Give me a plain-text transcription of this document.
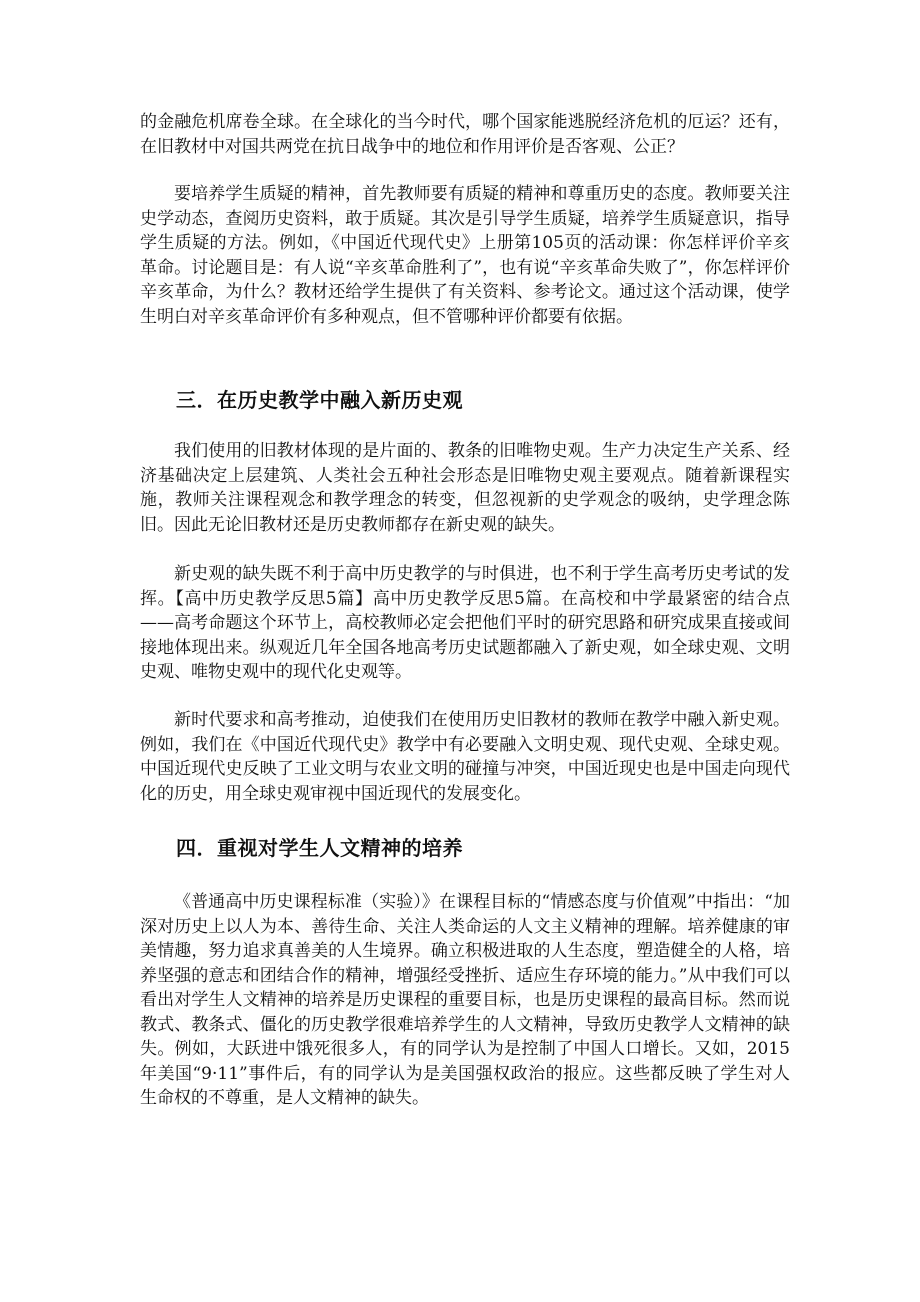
的金融危机席卷全球。在全球化的当今时代，哪个国家能逃脱经济危机的厄运？还有，在旧教材中对国共两党在抗日战争中的地位和作用评价是否客观、公正？

要培养学生质疑的精神，首先教师要有质疑的精神和尊重历史的态度。教师要关注史学动态，查阅历史资料，敢于质疑。其次是引导学生质疑，培养学生质疑意识，指导学生质疑的方法。例如，《中国近代现代史》上册第105页的活动课：你怎样评价辛亥革命。讨论题目是：有人说“辛亥革命胜利了”，也有说“辛亥革命失败了”，你怎样评价辛亥革命，为什么？教材还给学生提供了有关资料、参考论文。通过这个活动课，使学生明白对辛亥革命评价有多种观点，但不管哪种评价都要有依据。

三．在历史教学中融入新历史观

我们使用的旧教材体现的是片面的、教条的旧唯物史观。生产力决定生产关系、经济基础决定上层建筑、人类社会五种社会形态是旧唯物史观主要观点。随着新课程实施，教师关注课程观念和教学理念的转变，但忽视新的史学观念的吸纳，史学理念陈旧。因此无论旧教材还是历史教师都存在新史观的缺失。

新史观的缺失既不利于高中历史教学的与时俱进，也不利于学生高考历史考试的发挥。【高中历史教学反思5篇】高中历史教学反思5篇。在高校和中学最紧密的结合点——高考命题这个环节上，高校教师必定会把他们平时的研究思路和研究成果直接或间接地体现出来。纵观近几年全国各地高考历史试题都融入了新史观，如全球史观、文明史观、唯物史观中的现代化史观等。

新时代要求和高考推动，迫使我们在使用历史旧教材的教师在教学中融入新史观。例如，我们在《中国近代现代史》教学中有必要融入文明史观、现代史观、全球史观。中国近现代史反映了工业文明与农业文明的碰撞与冲突，中国近现史也是中国走向现代化的历史，用全球史观审视中国近现代的发展变化。

四．重视对学生人文精神的培养

《普通高中历史课程标准（实验）》在课程目标的“情感态度与价值观”中指出：“加深对历史上以人为本、善待生命、关注人类命运的人文主义精神的理解。培养健康的审美情趣，努力追求真善美的人生境界。确立积极进取的人生态度，塑造健全的人格，培养坚强的意志和团结合作的精神，增强经受挫折、适应生存环境的能力。”从中我们可以看出对学生人文精神的培养是历史课程的重要目标，也是历史课程的最高目标。然而说教式、教条式、僵化的历史教学很难培养学生的人文精神，导致历史教学人文精神的缺失。例如，大跃进中饿死很多人，有的同学认为是控制了中国人口增长。又如，2015年美国“9·11”事件后，有的同学认为是美国强权政治的报应。这些都反映了学生对人生命权的不尊重，是人文精神的缺失。
